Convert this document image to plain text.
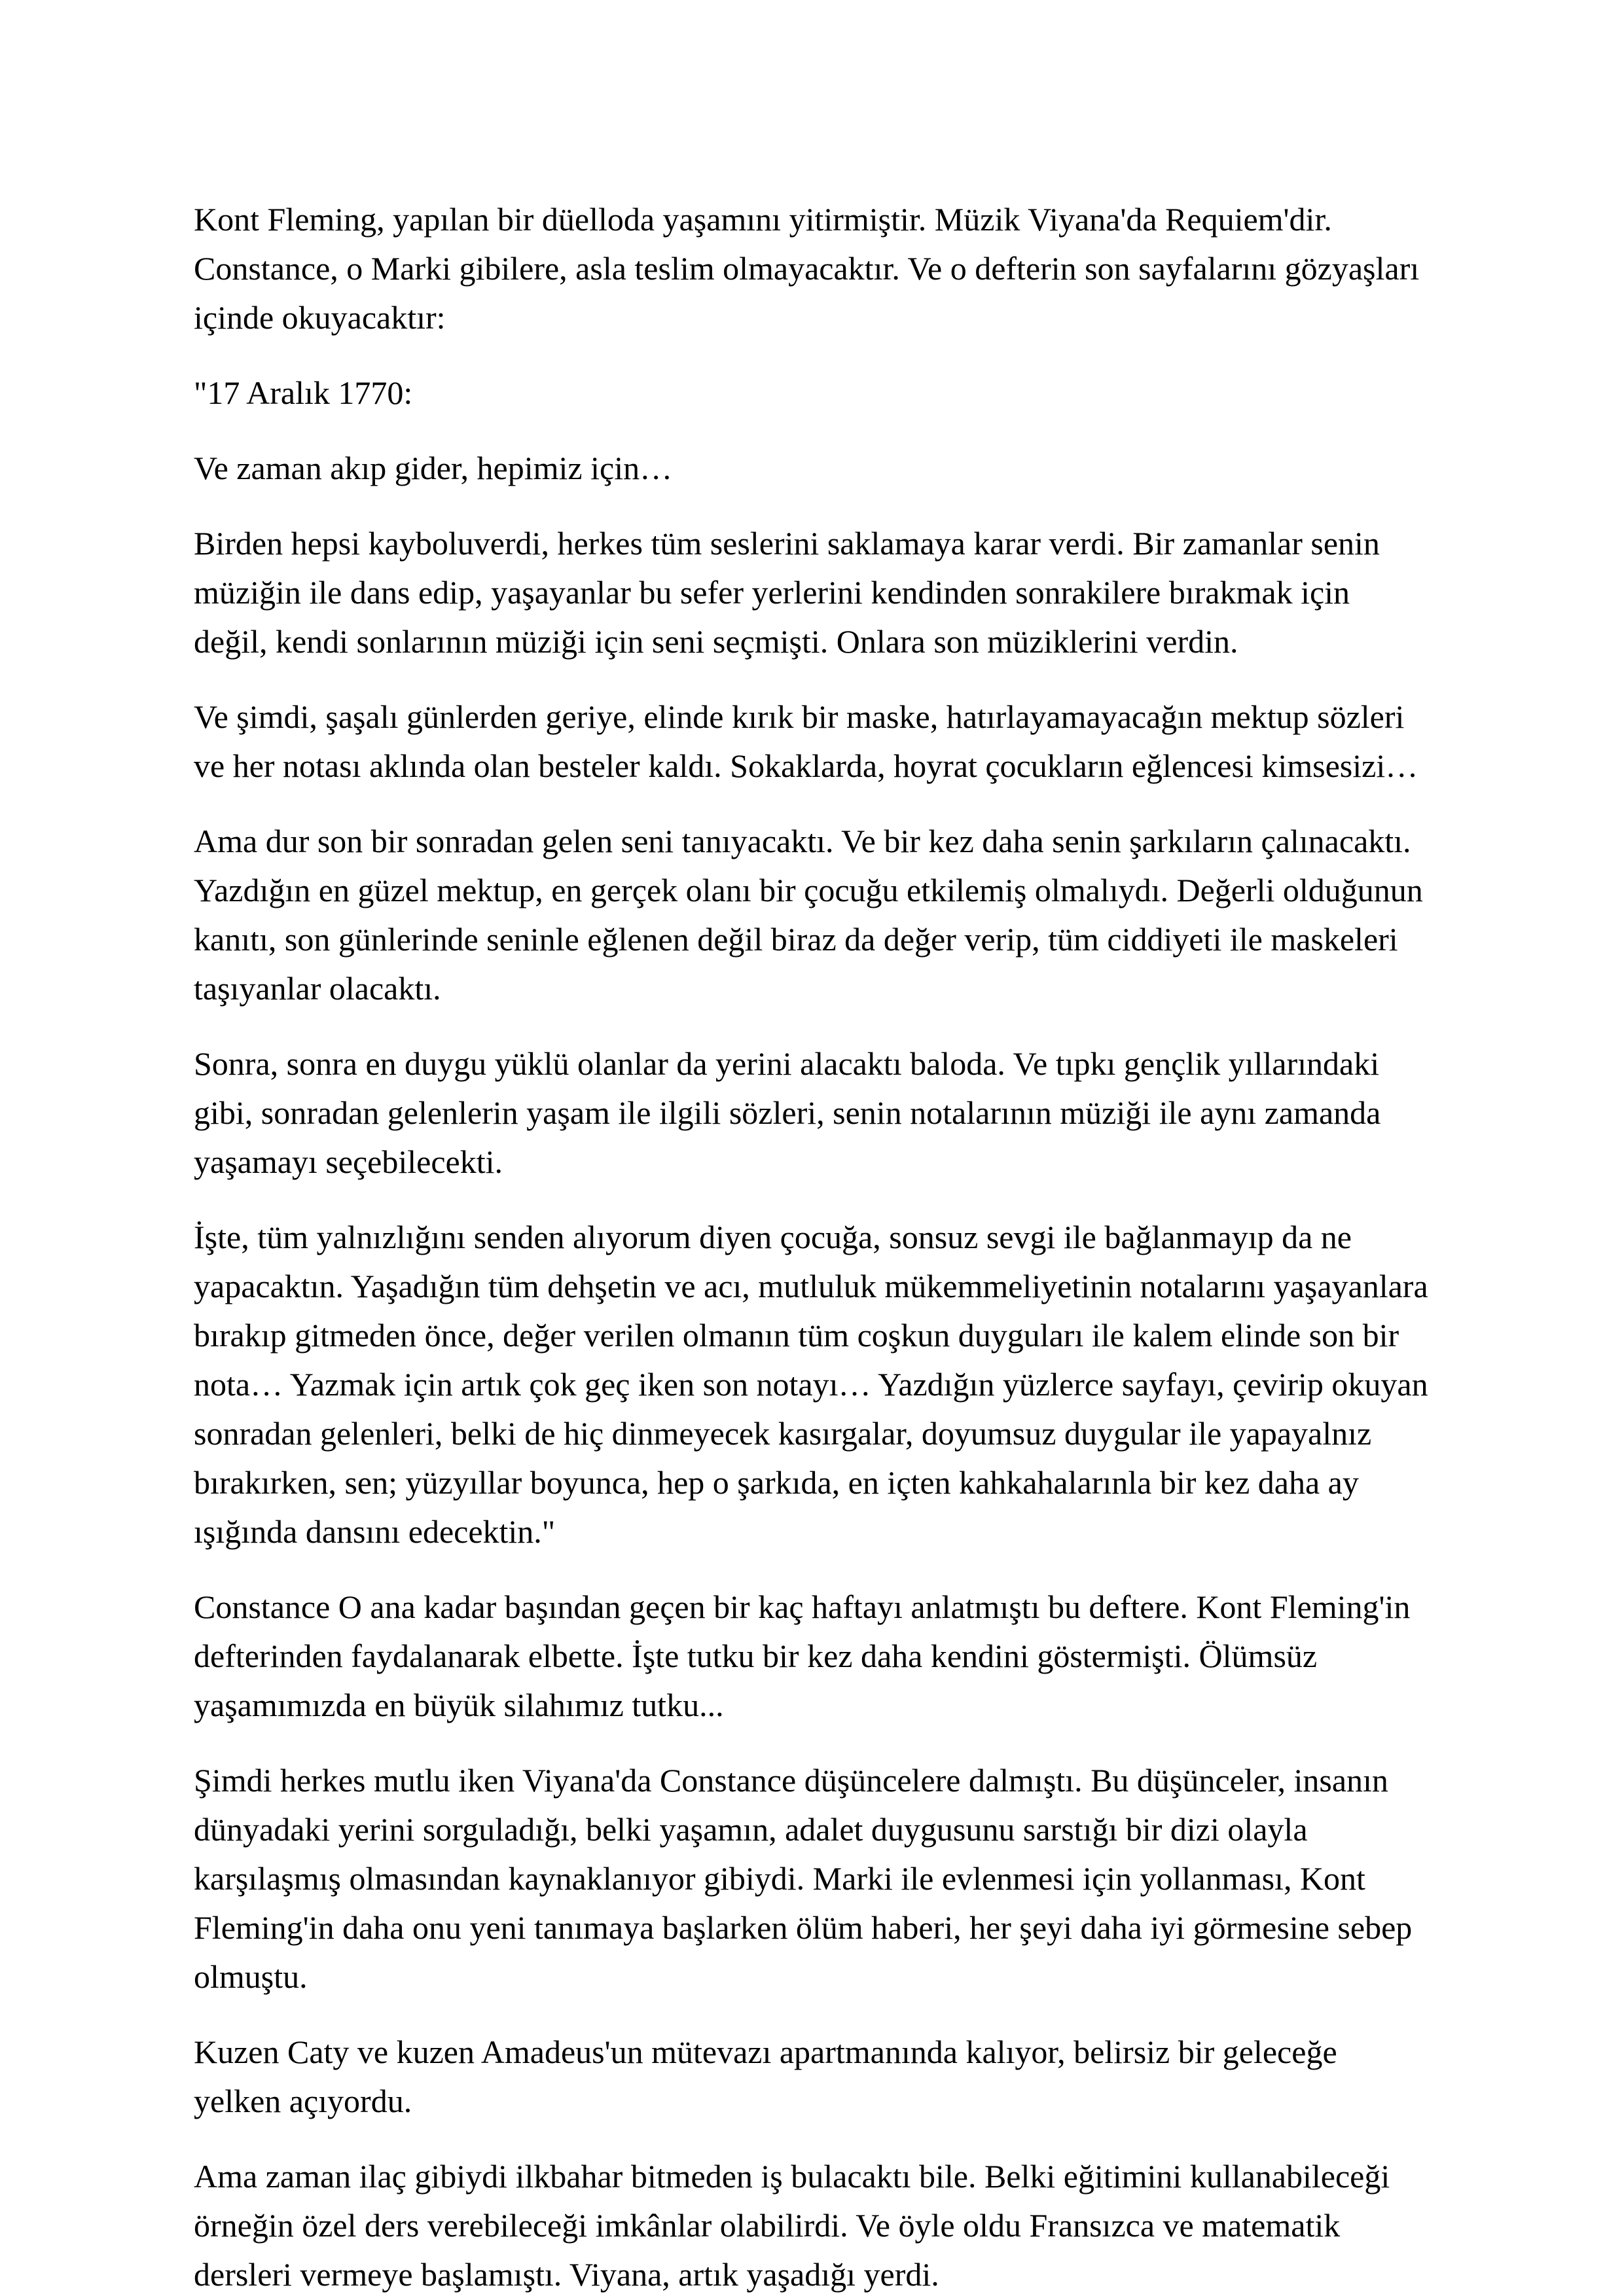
Kont Fleming, yapılan bir düelloda yaşamını yitirmiştir. Müzik Viyana'da Requiem'dir. Constance, o Marki gibilere, asla teslim olmayacaktır. Ve o defterin son sayfalarını gözyaşları içinde okuyacaktır:

"17 Aralık 1770:

Ve zaman akıp gider, hepimiz için…

Birden hepsi kayboluverdi, herkes tüm seslerini saklamaya karar verdi. Bir zamanlar senin müziğin ile dans edip, yaşayanlar bu sefer yerlerini kendinden sonrakilere bırakmak için değil, kendi sonlarının müziği için seni seçmişti. Onlara son müziklerini verdin.

Ve şimdi, şaşalı günlerden geriye, elinde kırık bir maske, hatırlayamayacağın mektup sözleri ve her notası aklında olan besteler kaldı. Sokaklarda, hoyrat çocukların eğlencesi kimsesizi…

Ama dur son bir sonradan gelen seni tanıyacaktı. Ve bir kez daha senin şarkıların çalınacaktı. Yazdığın en güzel mektup, en gerçek olanı bir çocuğu etkilemiş olmalıydı. Değerli olduğunun kanıtı, son günlerinde seninle eğlenen değil biraz da değer verip, tüm ciddiyeti ile maskeleri taşıyanlar olacaktı.

Sonra, sonra en duygu yüklü olanlar da yerini alacaktı baloda. Ve tıpkı gençlik yıllarındaki gibi, sonradan gelenlerin yaşam ile ilgili sözleri, senin notalarının müziği ile aynı zamanda yaşamayı seçebilecekti.

İşte, tüm yalnızlığını senden alıyorum diyen çocuğa, sonsuz sevgi ile bağlanmayıp da ne yapacaktın. Yaşadığın tüm dehşetin ve acı, mutluluk mükemmeliyetinin notalarını yaşayanlara bırakıp gitmeden önce, değer verilen olmanın tüm coşkun duyguları ile kalem elinde son bir nota… Yazmak için artık çok geç iken son notayı… Yazdığın yüzlerce sayfayı, çevirip okuyan sonradan gelenleri, belki de hiç dinmeyecek kasırgalar, doyumsuz duygular ile yapayalnız bırakırken, sen; yüzyıllar boyunca, hep o şarkıda, en içten kahkahalarınla bir kez daha ay ışığında dansını edecektin."

Constance O ana kadar başından geçen bir kaç haftayı anlatmıştı bu deftere. Kont Fleming'in defterinden faydalanarak elbette. İşte tutku bir kez daha kendini göstermişti. Ölümsüz yaşamımızda en büyük silahımız tutku...

Şimdi herkes mutlu iken Viyana'da Constance düşüncelere dalmıştı. Bu düşünceler, insanın dünyadaki yerini sorguladığı, belki yaşamın, adalet duygusunu sarstığı bir dizi olayla karşılaşmış olmasından kaynaklanıyor gibiydi. Marki ile evlenmesi için yollanması, Kont Fleming'in daha onu yeni tanımaya başlarken ölüm haberi, her şeyi daha iyi görmesine sebep olmuştu.

Kuzen Caty ve kuzen Amadeus'un mütevazı apartmanında kalıyor, belirsiz bir geleceğe yelken açıyordu.

Ama zaman ilaç gibiydi ilkbahar bitmeden iş bulacaktı bile. Belki eğitimini kullanabileceği örneğin özel ders verebileceği imkânlar olabilirdi. Ve öyle oldu Fransızca ve matematik dersleri vermeye başlamıştı. Viyana, artık yaşadığı yerdi.
